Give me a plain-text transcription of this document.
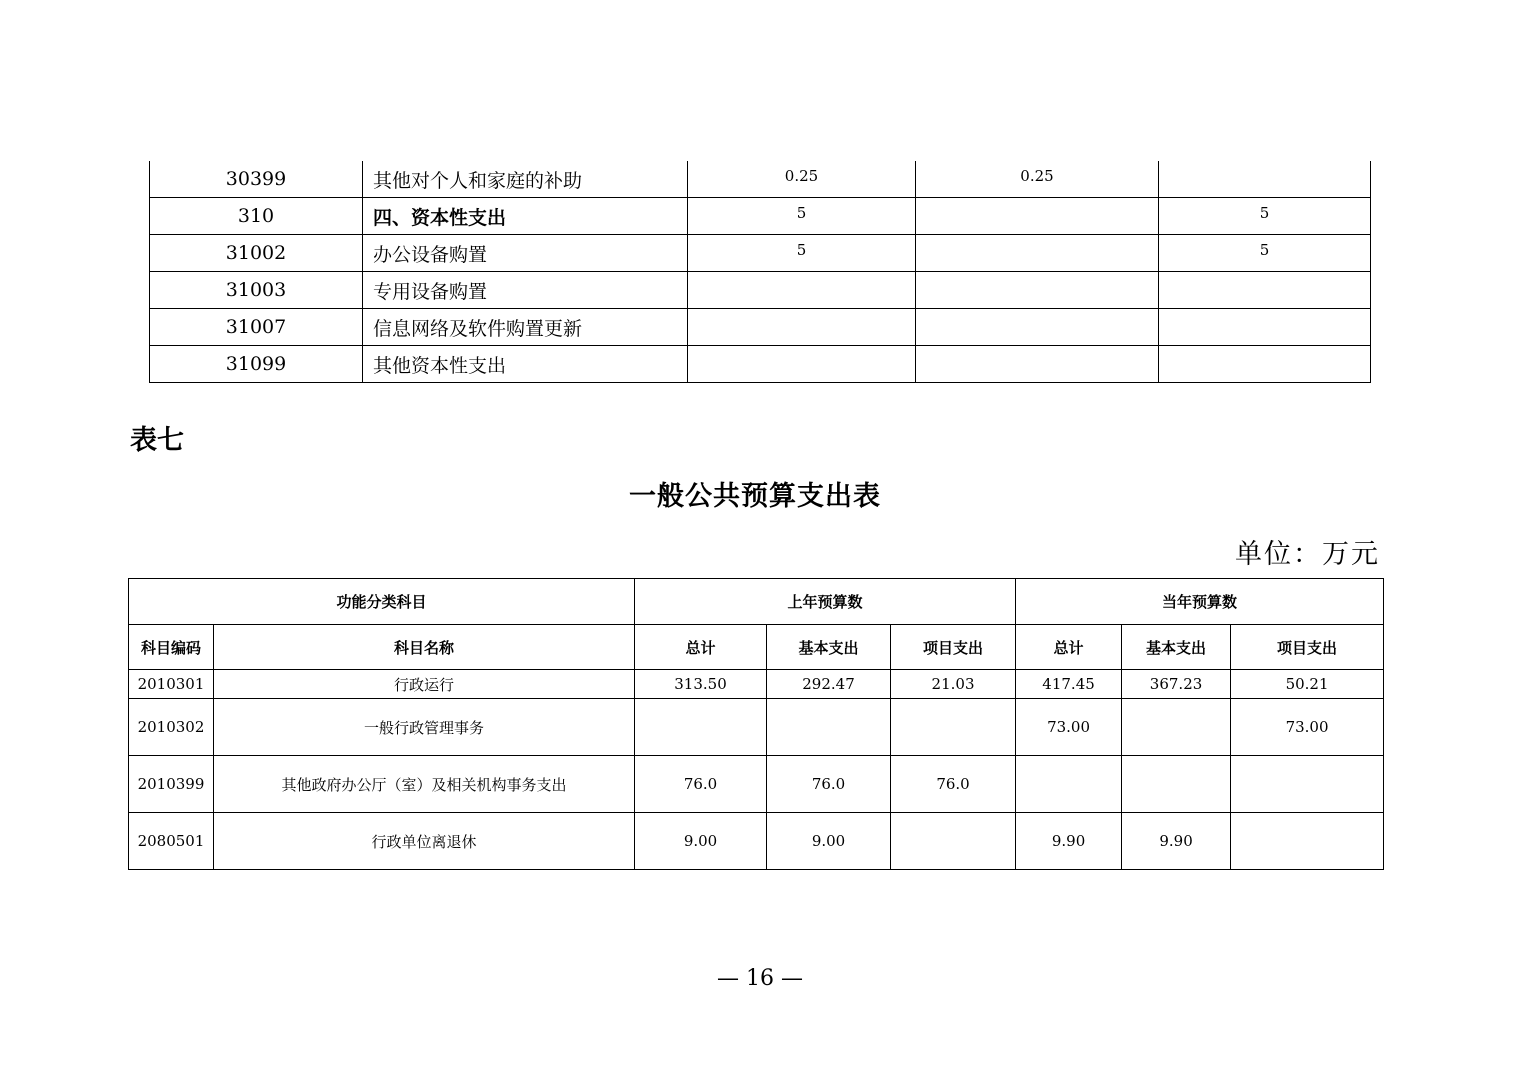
30399	其他对个人和家庭的补助	0.25	0.25	
310	四、资本性支出	5		5
31002	办公设备购置	5		5
31003	专用设备购置			
31007	信息网络及软件购置更新			
31099	其他资本性支出			
表七
一般公共预算支出表
单位：万元
功能分类科目		上年预算数			当年预算数		
科目编码	科目名称	总计	基本支出	项目支出	总计	基本支出	项目支出
2010301	行政运行	313.50	292.47	21.03	417.45	367.23	50.21
2010302	一般行政管理事务				73.00		73.00
2010399	其他政府办公厅（室）及相关机构事务支出	76.0	76.0	76.0			
2080501	行政单位离退休	9.00	9.00		9.90	9.90	
— 16 —
